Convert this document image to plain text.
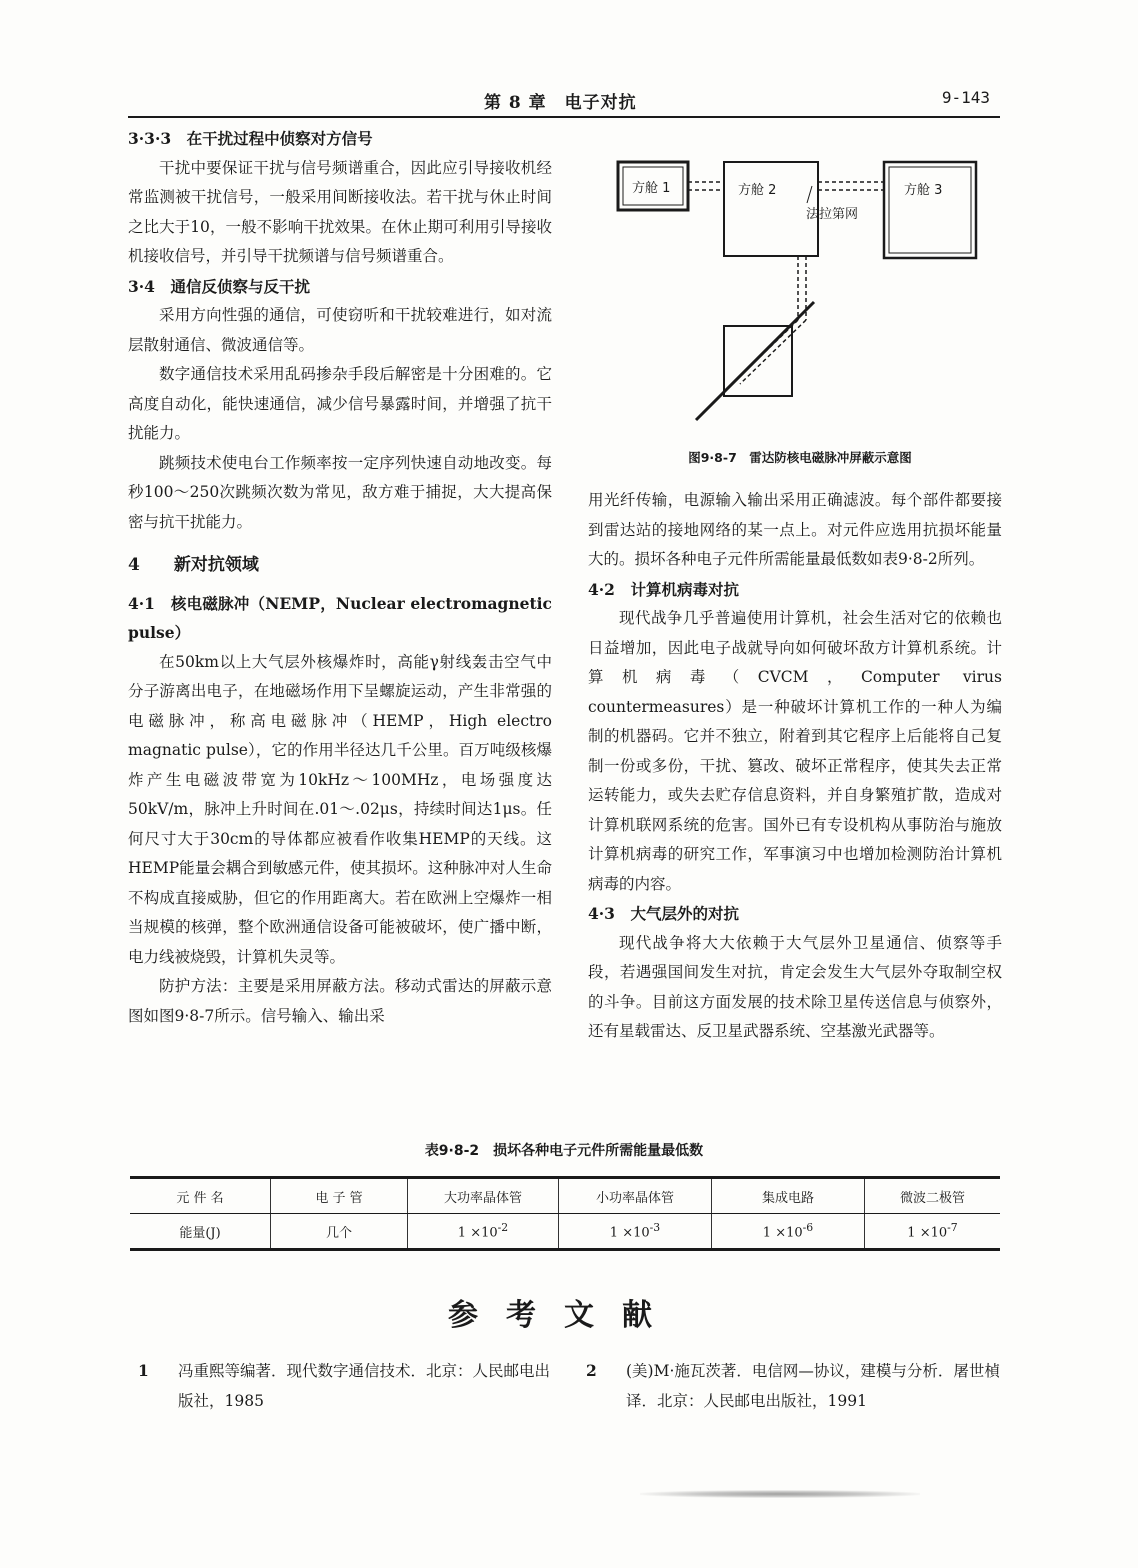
第 8 章　电子对抗	9-143

3·3·3　在干扰过程中侦察对方信号

干扰中要保证干扰与信号频谱重合，因此应引导接收机经常监测被干扰信号，一般采用间断接收法。若干扰与休止时间之比大于10，一般不影响干扰效果。在休止期可利用引导接收机接收信号，并引导干扰频谱与信号频谱重合。

3·4　通信反侦察与反干扰

采用方向性强的通信，可使窃听和干扰较难进行，如对流层散射通信、微波通信等。

数字通信技术采用乱码掺杂手段后解密是十分困难的。它高度自动化，能快速通信，减少信号暴露时间，并增强了抗干扰能力。

跳频技术使电台工作频率按一定序列快速自动地改变。每秒100～250次跳频次数为常见，敌方难于捕捉，大大提高保密与抗干扰能力。

4　　新对抗领域

4·1　核电磁脉冲（NEMP，Nuclear electromagnetic pulse）

在50km以上大气层外核爆炸时，高能γ射线轰击空气中分子游离出电子，在地磁场作用下呈螺旋运动，产生非常强的电磁脉冲，称高电磁脉冲（HEMP，High electro magnatic pulse），它的作用半径达几千公里。百万吨级核爆炸产生电磁波带宽为10kHz～100MHz，电场强度达50kV/m，脉冲上升时间在.01～.02μs，持续时间达1μs。任何尺寸大于30cm的导体都应被看作收集HEMP的天线。这HEMP能量会耦合到敏感元件，使其损坏。这种脉冲对人生命不构成直接威胁，但它的作用距离大。若在欧洲上空爆炸一相当规模的核弹，整个欧洲通信设备可能被破坏，使广播中断，电力线被烧毁，计算机失灵等。

防护方法：主要是采用屏蔽方法。移动式雷达的屏蔽示意图如图9·8-7所示。信号输入、输出采

方舱 1	方舱 2	方舱 3
法拉第网
图9·8-7　雷达防核电磁脉冲屏蔽示意图

用光纤传输，电源输入输出采用正确滤波。每个部件都要接到雷达站的接地网络的某一点上。对元件应选用抗损坏能量大的。损坏各种电子元件所需能量最低数如表9·8-2所列。

4·2　计算机病毒对抗

现代战争几乎普遍使用计算机，社会生活对它的依赖也日益增加，因此电子战就导向如何破坏敌方计算机系统。计算机病毒（CVCM，Computer virus countermeasures）是一种破坏计算机工作的一种人为编制的机器码。它并不独立，附着到其它程序上后能将自己复制一份或多份，干扰、篡改、破坏正常程序，使其失去正常运转能力，或失去贮存信息资料，并自身繁殖扩散，造成对计算机联网系统的危害。国外已有专设机构从事防治与施放计算机病毒的研究工作，军事演习中也增加检测防治计算机病毒的内容。

4·3　大气层外的对抗

现代战争将大大依赖于大气层外卫星通信、侦察等手段，若遇强国间发生对抗，肯定会发生大气层外夺取制空权的斗争。目前这方面发展的技术除卫星传送信息与侦察外，还有星载雷达、反卫星武器系统、空基激光武器等。

表9·8-2　损坏各种电子元件所需能量最低数
元 件 名	电 子 管	大功率晶体管	小功率晶体管	集成电路	微波二极管
能量(J)	几个	$1 \times 10^{-2}$	$1 \times 10^{-3}$	$1 \times 10^{-6}$	$1 \times 10^{-7}$
参考文献
1 冯重熙等编著．现代数字通信技术．北京：人民邮电出版社，1985
2 (美)M·施瓦茨著．电信网—协议，建模与分析．屠世楨译．北京：人民邮电出版社，1991
